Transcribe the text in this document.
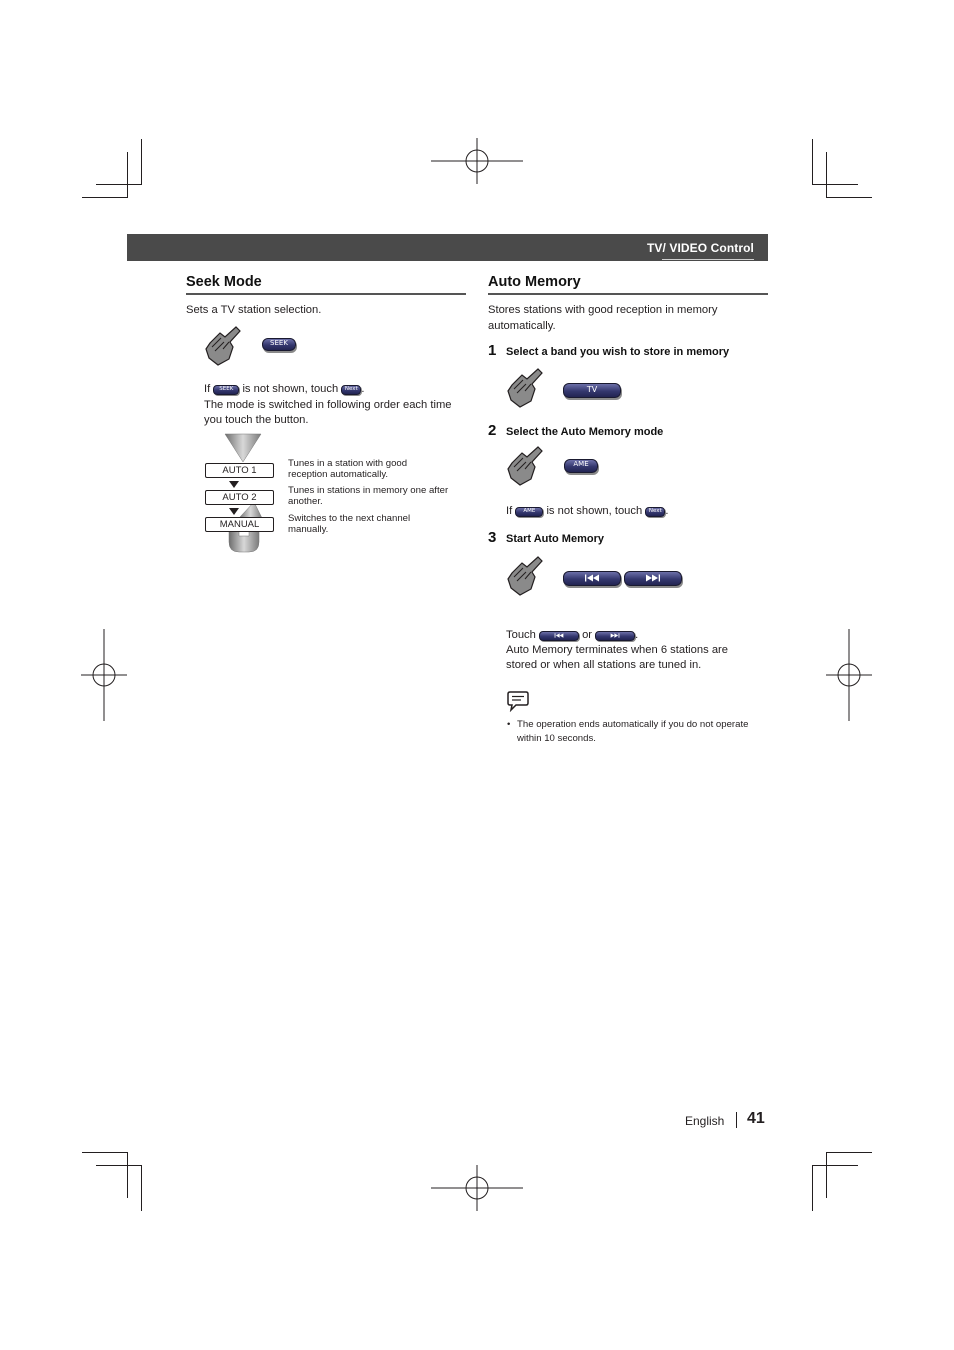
TV/ VIDEO Control
Seek Mode
Sets a TV station selection.
SEEK
If SEEK is not shown, touch Next .
The mode is switched in following order each time
you touch the button.
AUTO 1
AUTO 2
MANUAL
Tunes in a station with good
reception automatically.
Tunes in stations in memory one after
another.
Switches to the next channel
manually.
Auto Memory
Stores stations with good reception in memory
automatically.
1 Select a band you wish to store in memory
TV
2 Select the Auto Memory mode
AME
If AME is not shown, touch Next .
3 Start Auto Memory
Touch	or	.
Auto Memory terminates when 6 stations are
stored or when all stations are tuned in.
• The operation ends automatically if you do not operate
within 10 seconds.
English 41
